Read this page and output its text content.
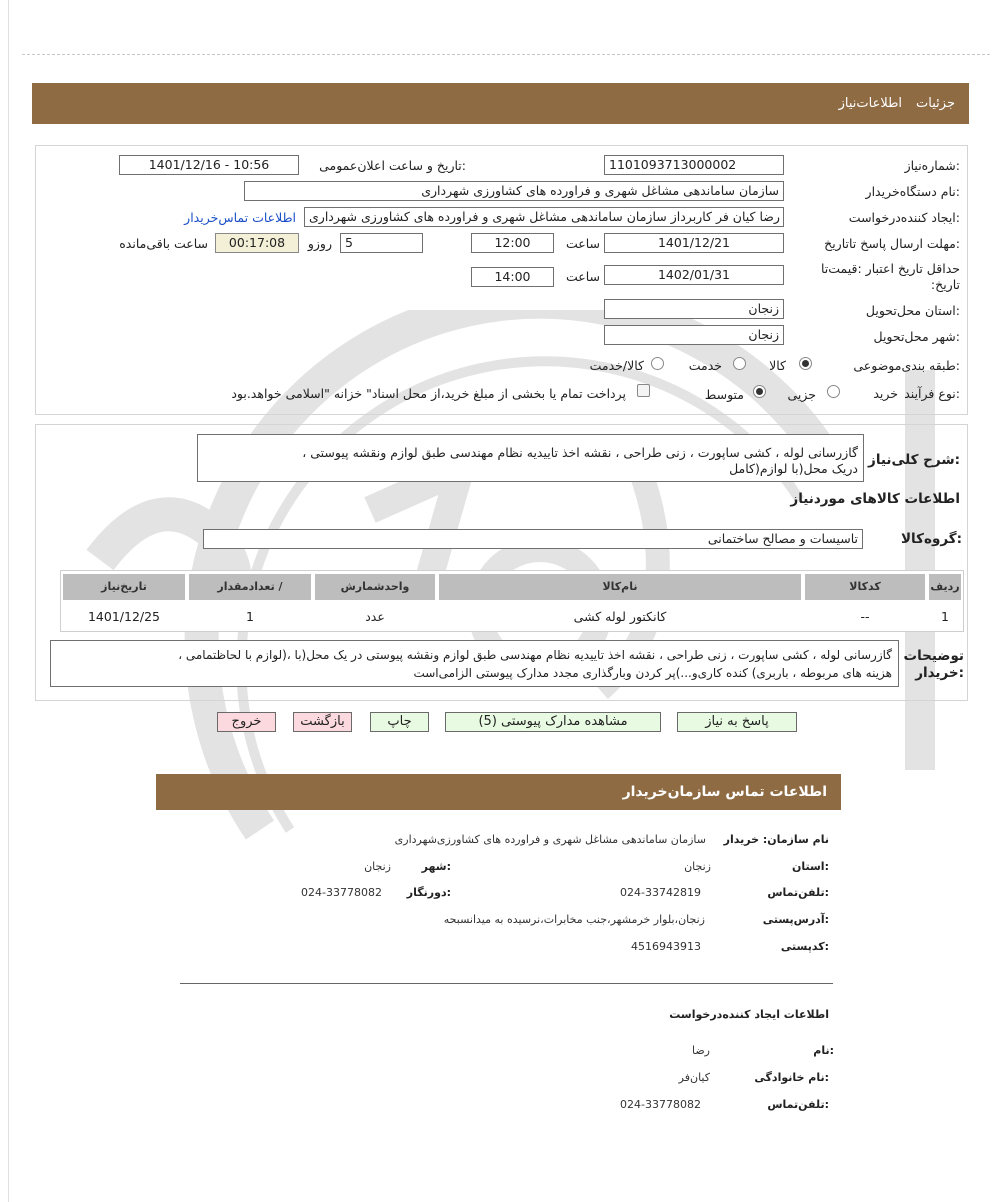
اطلاعات‌نیاز جزئیات
شماره‌نیاز:
1101093713000002
تاریخ و ساعت اعلان‌عمومی:
1401/12/16 - 10:56
نام دستگاه‌خریدار:
سازمان ساماندهی مشاغل شهری و فراورده های کشاورزی شهرداری
ایجاد کننده‌درخواست:
رضا کیان فر کاربرداز سازمان ساماندهی مشاغل شهری و فراورده های کشاورزی شهرداری
اطلاعات تماس‌خریدار
مهلت ارسال پاسخ تا‌تاریخ:
1401/12/21
ساعت
12:00
5
روز‌و
00:17:08
ساعت باقی‌مانده
حداقل تاریخ اعتبار :قیمت‌تا
:تاریخ
1402/01/31
ساعت
14:00
استان محل‌تحویل:
زنجان
شهر محل‌تحویل:
زنجان
طبقه بندی‌موضوعی:
کالا
خدمت
کالا/خدمت
نوع فرآیند:
خرید
جزیی
متوسط
پرداخت تمام یا بخشی از مبلغ خرید،از محل اسناد" خزانه "اسلامی خواهد.بود
شرح کلی‌نیاز:
، گازرسانی لوله ، کشی ساپورت ، زنی طراحی ، نقشه اخذ تاییدیه نظام مهندسی طبق لوازم ونقشه پیوستی
دریک محل(با لوازم(کامل
اطلاعات کالاهای مورد‌نیاز
گروه‌کالا:
تاسیسات و مصالح ساختمانی
ردیف
کدکالا
نام‌کالا
واحد‌شمارش
تعداد‌مقدار /
تاریخ‌نیاز
1
--
کانکتور لوله کشی
عدد
1
1401/12/25
توضیحات
خریدار:
، گازرسانی لوله ، کشی ساپورت ، زنی طراحی ، نقشه اخذ تاییدیه نظام مهندسی طبق لوازم ونقشه پیوستی در یک محل(با ،(لوازم با لحاظتمامی
هزینه های مربوطه ، باربری) کنده کاری‌و...)پر کردن وبارگذاری مجدد مدارک پیوستی الزامی‌است
پاسخ به نیاز
مشاهده مدارک پیوستی (5)
چاپ
بازگشت
خروج
اطلاعات تماس سازمان‌خریدار
نام سازمان‌: خریدار
سازمان ساماندهی مشاغل شهری و فراورده های کشاورزی‌شهرداری
استان:
زنجان
شهر:
زنجان
تلفن‌تماس:
024-33742819
دورنگار:
024-33778082
آدرس‌پستی:
زنجان،بلوار خرمشهر،جنب مخابرات،نرسیده به میدانسبحه
کد‌پستی:
4516943913
اطلاعات ایجاد کننده‌درخواست
نام:
رضا
نام خانوادگی:
کیان‌فر
تلفن‌تماس:
024-33778082
